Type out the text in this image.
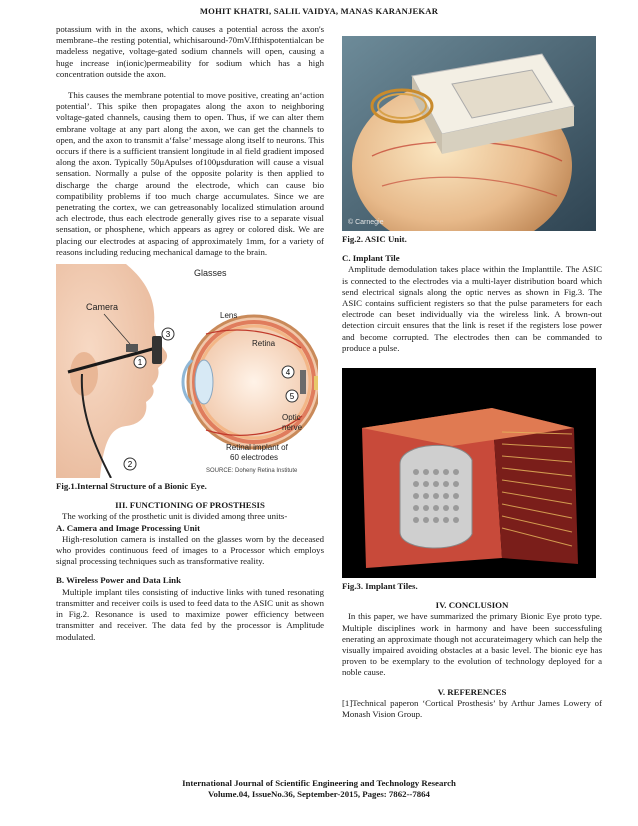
MOHIT KHATRI, SALIL VAIDYA, MANAS KARANJEKAR

potassium with in the axons, which causes a potential across the axon's membrane–the resting potential, whichisaround-70mV.Ifthispotentialcan be madeless negative, voltage-gated sodium channels will open, causing a huge increase in(ionic)permeability for sodium which has a high concentration outside the axon.

This causes the membrane potential to move positive, creating an‘action potential’. This spike then propagates along the axon to neighboring voltage-gated channels, causing them to open. Thus, if we can alter them embrane voltage at any part along the axon, we can get the channels to open, and the axon to transmit a‘false’ message along itself to neurons. This occurs if there is a sufficient transient longitude in al field gradient imposed along the axon. Typically 50μApulses of100μsduration will cause a visual sensation. Normally a pulse of the opposite polarity is then applied to discharge the charge around the electrode, which can cause bio compatibility problems if too much charge accumulates. Since we are penetrating the cortex, we can getreasonably localized stimulation around ach electrode, thus each electrode generally gives rise to a separate visual sensation, or phosphene, which appears as agrey or colored disk. We are placing our electrodes at aspacing of approximately 1mm, for a variety of reasons including reducing mechanical damage to the brain.

1
2
3
4
5
Glasses
Camera
Lens
Retina
Optic
nerve
Retinal implant of
60 electrodes
SOURCE: Doheny Retina Institute
Fig.1.Internal Structure of a Bionic Eye.
III. FUNCTIONING OF PROSTHESIS

The working of the prosthetic unit is divided among three units-

A. Camera and Image Processing Unit

High-resolution camera is installed on the glasses worn by the deceased who provides continuous feed of images to a Processor which employs signal processing techniques such as transformative reality.

B. Wireless Power and Data Link

Multiple implant tiles consisting of inductive links with tuned resonating transmitter and receiver coils is used to feed data to the ASIC unit as shown in Fig.2. Resonance is used to maximize power efficiency between transmitter and receiver. The data fed by the processor is Amplitude modulated.

© Carnegie
Fig.2. ASIC Unit.
C. Implant Tile

Amplitude demodulation takes place within the Implanttile. The ASIC is connected to the electrodes via a multi-layer distribution board which send electrical signals along the optic nerves as shown in Fig.3. The ASIC contains sufficient registers so that the pulse parameters for each electrode can beset individually via the wireless link. A brown-out detection circuit ensures that the link is reset if the registers lose power and become corrupted. The electrodes then can be commanded to produce a pulse.

Fig.3. Implant Tiles.
IV. CONCLUSION

In this paper, we have summarized the primary Bionic Eye proto type. Multiple disciplines work in harmony and have been successfuling enerating an approximate though not accurateimagery which can help the visually impaired avoiding obstacles at a basic level. The bionic eye has proven to be exemplary to the evolution of technology deployed for a noble cause.

V. REFERENCES

[1]Technical paperon ‘Cortical Prosthesis’ by Arthur James Lowery of Monash Vision Group.

International Journal of Scientific Engineering and Technology Research
Volume.04, IssueNo.36, September-2015, Pages: 7862--7864
